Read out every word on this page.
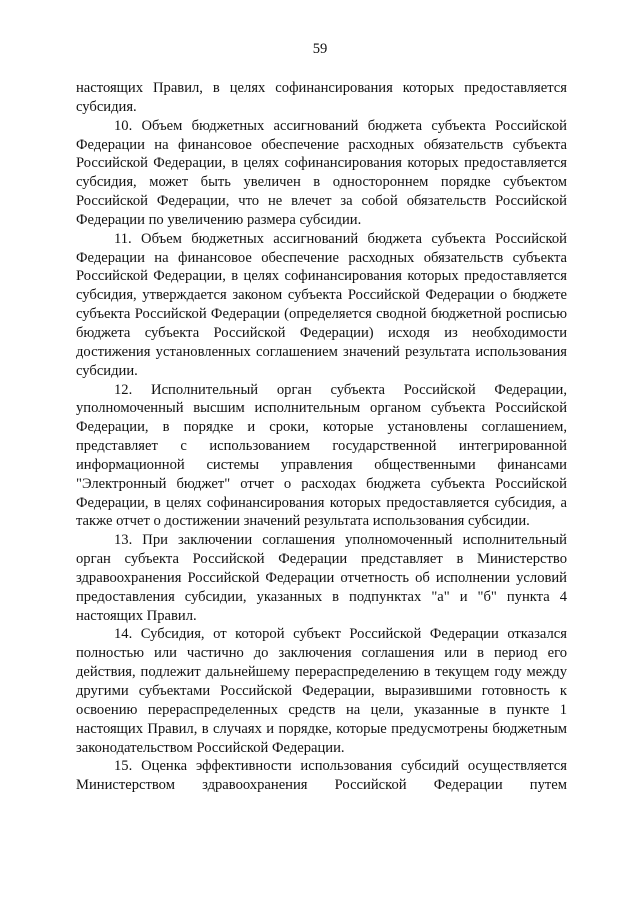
59

настоящих Правил, в целях софинансирования которых предоставляется субсидия.

10. Объем бюджетных ассигнований бюджета субъекта Российской Федерации на финансовое обеспечение расходных обязательств субъекта Российской Федерации, в целях софинансирования которых предоставляется субсидия, может быть увеличен в одностороннем порядке субъектом Российской Федерации, что не влечет за собой обязательств Российской Федерации по увеличению размера субсидии.

11. Объем бюджетных ассигнований бюджета субъекта Российской Федерации на финансовое обеспечение расходных обязательств субъекта Российской Федерации, в целях софинансирования которых предоставляется субсидия, утверждается законом субъекта Российской Федерации о бюджете субъекта Российской Федерации (определяется сводной бюджетной росписью бюджета субъекта Российской Федерации) исходя из необходимости достижения установленных соглашением значений результата использования субсидии.

12. Исполнительный орган субъекта Российской Федерации, уполномоченный высшим исполнительным органом субъекта Российской Федерации, в порядке и сроки, которые установлены соглашением, представляет с использованием государственной интегрированной информационной системы управления общественными финансами "Электронный бюджет" отчет о расходах бюджета субъекта Российской Федерации, в целях софинансирования которых предоставляется субсидия, а также отчет о достижении значений результата использования субсидии.

13. При заключении соглашения уполномоченный исполнительный орган субъекта Российской Федерации представляет в Министерство здравоохранения Российской Федерации отчетность об исполнении условий предоставления субсидии, указанных в подпунктах "а" и "б" пункта 4 настоящих Правил.

14. Субсидия, от которой субъект Российской Федерации отказался полностью или частично до заключения соглашения или в период его действия, подлежит дальнейшему перераспределению в текущем году между другими субъектами Российской Федерации, выразившими готовность к освоению перераспределенных средств на цели, указанные в пункте 1 настоящих Правил, в случаях и порядке, которые предусмотрены бюджетным законодательством Российской Федерации.

15. Оценка эффективности использования субсидий осуществляется Министерством здравоохранения Российской Федерации путем
